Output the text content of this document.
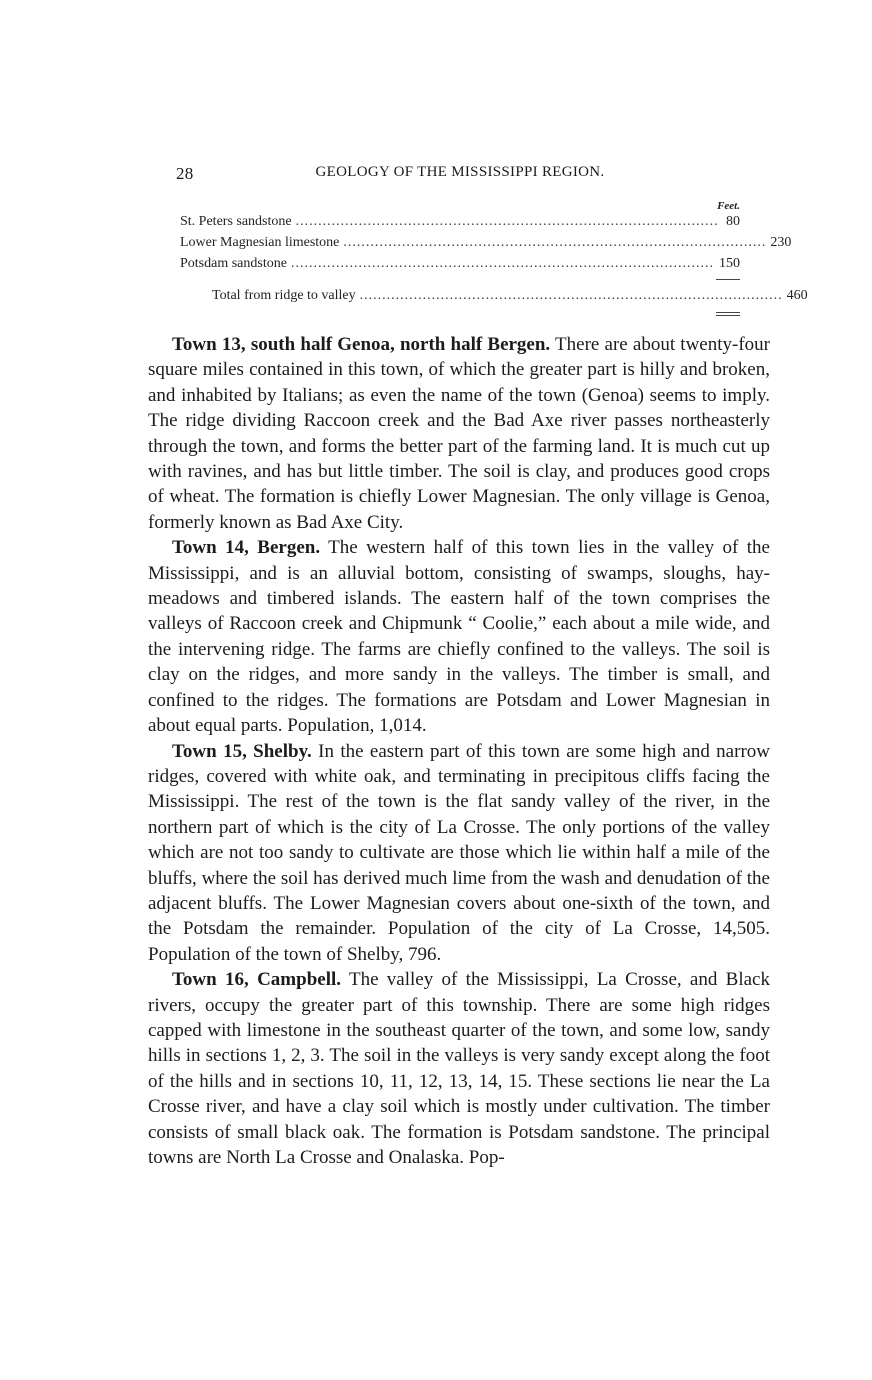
28	GEOLOGY OF THE MISSISSIPPI REGION.
Feet.
St. Peters sandstone .............................................................................................. 80
Lower Magnesian limestone .............................................................................................. 230
Potsdam sandstone .............................................................................................. 150
Total from ridge to valley .............................................................................................. 460

Town 13, south half Genoa, north half Bergen. There are about twenty-four square miles contained in this town, of which the greater part is hilly and broken, and inhabited by Italians; as even the name of the town (Genoa) seems to imply. The ridge dividing Raccoon creek and the Bad Axe river passes northeasterly through the town, and forms the better part of the farming land. It is much cut up with ravines, and has but little timber. The soil is clay, and produces good crops of wheat. The formation is chiefly Lower Magnesian. The only village is Genoa, formerly known as Bad Axe City.

Town 14, Bergen. The western half of this town lies in the valley of the Mississippi, and is an alluvial bottom, consisting of swamps, sloughs, hay-meadows and timbered islands. The eastern half of the town comprises the valleys of Raccoon creek and Chipmunk “ Coolie,” each about a mile wide, and the intervening ridge. The farms are chiefly confined to the valleys. The soil is clay on the ridges, and more sandy in the valleys. The timber is small, and confined to the ridges. The formations are Potsdam and Lower Magnesian in about equal parts. Population, 1,014.

Town 15, Shelby. In the eastern part of this town are some high and narrow ridges, covered with white oak, and terminating in precipitous cliffs facing the Mississippi. The rest of the town is the flat sandy valley of the river, in the northern part of which is the city of La Crosse. The only portions of the valley which are not too sandy to cultivate are those which lie within half a mile of the bluffs, where the soil has derived much lime from the wash and denudation of the adjacent bluffs. The Lower Magnesian covers about one-sixth of the town, and the Potsdam the remainder. Population of the city of La Crosse, 14,505. Population of the town of Shelby, 796.

Town 16, Campbell. The valley of the Mississippi, La Crosse, and Black rivers, occupy the greater part of this township. There are some high ridges capped with limestone in the southeast quarter of the town, and some low, sandy hills in sections 1, 2, 3. The soil in the valleys is very sandy except along the foot of the hills and in sections 10, 11, 12, 13, 14, 15. These sections lie near the La Crosse river, and have a clay soil which is mostly under cultivation. The timber consists of small black oak. The formation is Potsdam sandstone. The principal towns are North La Crosse and Onalaska. Pop-
